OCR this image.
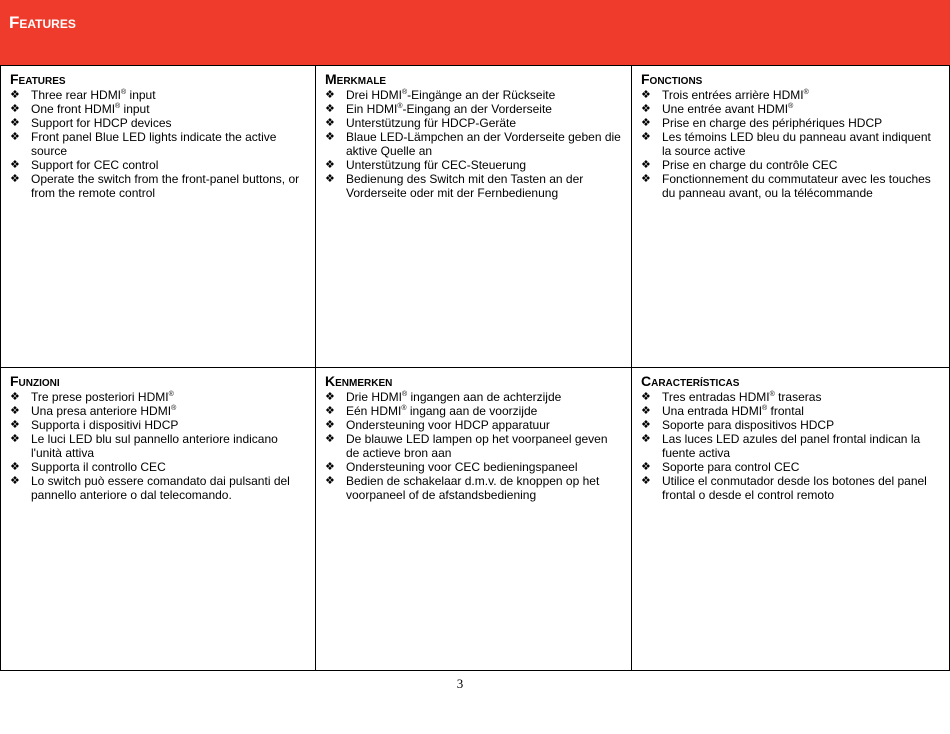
Features
Features
❖ Three rear HDMI® input
❖ One front HDMI® input
❖ Support for HDCP devices
❖ Front panel Blue LED lights indicate the active source
❖ Support for CEC control
❖ Operate the switch from the front-panel buttons, or from the remote control
Merkmale
❖ Drei HDMI®-Eingänge an der Rückseite
❖ Ein HDMI®-Eingang an der Vorderseite
❖ Unterstützung für HDCP-Geräte
❖ Blaue LED-Lämpchen an der Vorderseite geben die aktive Quelle an
❖ Unterstützung für CEC-Steuerung
❖ Bedienung des Switch mit den Tasten an der Vorderseite oder mit der Fernbedienung
Fonctions
❖ Trois entrées arrière HDMI®
❖ Une entrée avant HDMI®
❖ Prise en charge des périphériques HDCP
❖ Les témoins LED bleu du panneau avant indiquent la source active
❖ Prise en charge du contrôle CEC
❖ Fonctionnement du commutateur avec les touches du panneau avant, ou la télécommande
Funzioni
❖ Tre prese posteriori HDMI®
❖ Una presa anteriore HDMI®
❖ Supporta i dispositivi HDCP
❖ Le luci LED blu sul pannello anteriore indicano l'unità attiva
❖ Supporta il controllo CEC
❖ Lo switch può essere comandato dai pulsanti del pannello anteriore o dal telecomando.
Kenmerken
❖ Drie HDMI® ingangen aan de achterzijde
❖ Eén HDMI® ingang aan de voorzijde
❖ Ondersteuning voor HDCP apparatuur
❖ De blauwe LED lampen op het voorpaneel geven de actieve bron aan
❖ Ondersteuning voor CEC bedieningspaneel
❖ Bedien de schakelaar d.m.v. de knoppen op het voorpaneel of de afstandsbediening
Características
❖ Tres entradas HDMI® traseras
❖ Una entrada HDMI® frontal
❖ Soporte para dispositivos HDCP
❖ Las luces LED azules del panel frontal indican la fuente activa
❖ Soporte para control CEC
❖ Utilice el conmutador desde los botones del panel frontal o desde el control remoto
3
